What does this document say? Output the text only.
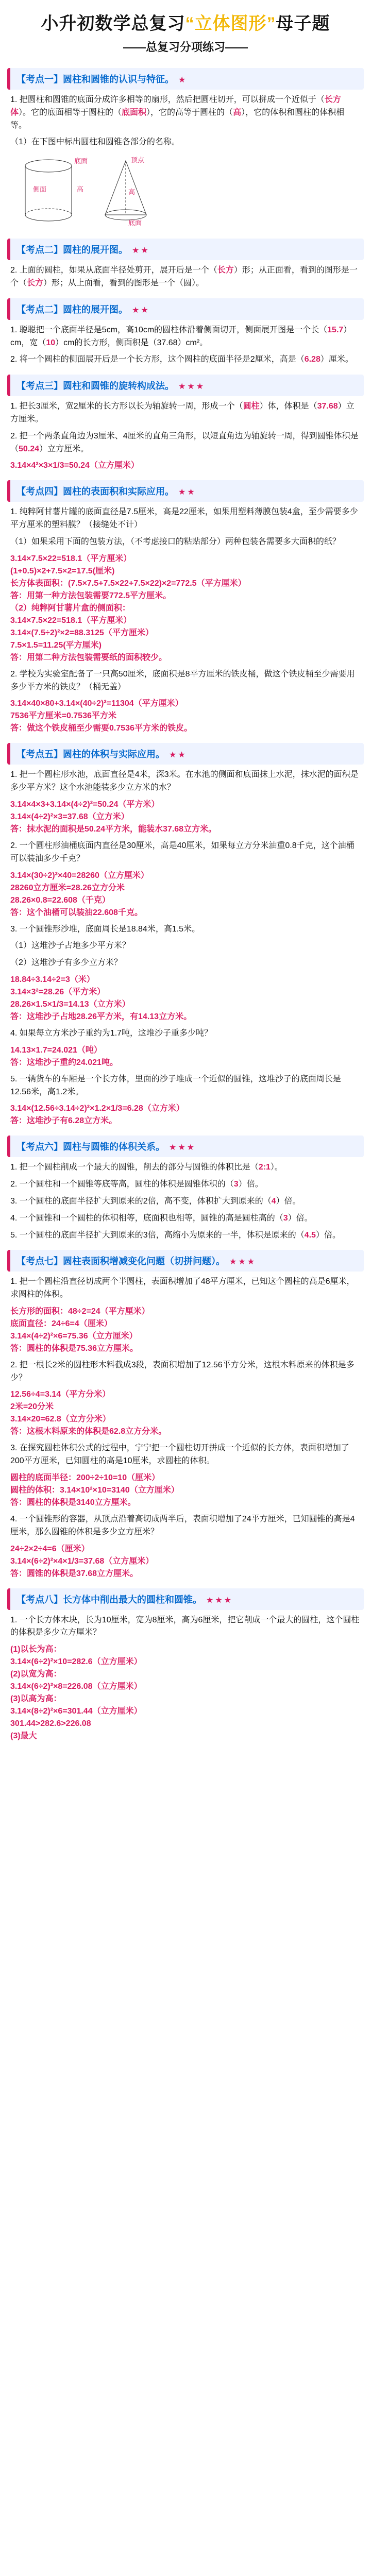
小升初数学总复习“立体图形”母子题
——总复习分项练习——
【考点一】圆柱和圆锥的认识与特征。 ★
1. 把圆柱和圆锥的底面分成许多相等的扇形，然后把圆柱切开，可以拼成一个近似于（长方体）。它的底面相等于圆柱的（底面积），它的高等于圆柱的（高），它的体积和圆柱的体积相等。
（1）在下图中标出圆柱和圆锥各部分的名称。
高
底面
侧面
顶点
高
底面
【考点二】圆柱的展开图。 ★★
2. 上面的圆柱，如果从底面半径处剪开，展开后是一个（长方）形；从正面看，看到的图形是一个（长方）形；从上面看，看到的图形是一个（圆）。
【考点二】圆柱的展开图。 ★★
1. 聪聪把一个底面半径是5cm，高10cm的圆柱体沿着侧面切开，侧面展开图是一个长（15.7）cm，宽（10）cm的长方形，侧面积是（37.68）cm²。
2. 将一个圆柱的侧面展开后是一个长方形，这个圆柱的底面半径是2厘米，高是（6.28）厘米。
【考点三】圆柱和圆锥的旋转构成法。 ★★★
1. 把长3厘米，宽2厘米的长方形以长为轴旋转一周，形成一个（圆柱）体，体积是（37.68）立方厘米。
2. 把一个两条直角边为3厘米、4厘米的直角三角形，以短直角边为轴旋转一周，得到圆锥体积是（50.24）立方厘米。
3.14×4²×3×1/3=50.24（立方厘米）
【考点四】圆柱的表面积和实际应用。 ★★
1. 纯粹阿甘薯片罐的底面直径是7.5厘米，高是22厘米，如果用塑料薄膜包装4盒，至少需要多少平方厘米的塑料膜？（接缝处不计）
（1）如果采用下面的包装方法，（不考虑接口的粘贴部分）两种包装各需要多大面积的纸？
3.14×7.5×22=518.1（平方厘米）
(1+0.5)×2+7.5×2=17.5(厘米)
长方体表面积：(7.5×7.5+7.5×22+7.5×22)×2=772.5（平方厘米）
答：用第一种方法包装需要772.5平方厘米。
（2）纯粹阿甘薯片盒的侧面积：
3.14×7.5×22=518.1（平方厘米）
3.14×(7.5÷2)²×2=88.3125（平方厘米）
7.5×1.5=11.25(平方厘米)
答：用第二种方法包装需要纸的面积较少。
2. 学校为实验室配备了一只高50厘米，底面积是8平方厘米的铁皮桶，做这个铁皮桶至少需要用多少平方米的铁皮？（桶无盖）
3.14×40×80+3.14×(40÷2)²=11304（平方厘米）
7536平方厘米=0.7536平方米
答：做这个铁皮桶至少需要0.7536平方米的铁皮。
【考点五】圆柱的体积与实际应用。 ★★
1. 把一个圆柱形水池，底面直径是4米，深3米。在水池的侧面和底面抹上水泥，抹水泥的面积是多少平方米？这个水池能装多少立方米的水？
3.14×4×3+3.14×(4÷2)²=50.24（平方米）
3.14×(4÷2)²×3=37.68（立方米）
答：抹水泥的面积是50.24平方米，能装水37.68立方米。
2. 一个圆柱形油桶底面内直径是30厘米，高是40厘米，如果每立方分米油重0.8千克，这个油桶可以装油多少千克？
3.14×(30÷2)²×40=28260（立方厘米）
28260立方厘米=28.26立方分米
28.26×0.8=22.608（千克）
答：这个油桶可以装油22.608千克。
3. 一个圆锥形沙堆，底面周长是18.84米，高1.5米。
（1）这堆沙子占地多少平方米？
（2）这堆沙子有多少立方米？
18.84÷3.14÷2=3（米）
3.14×3²=28.26（平方米）
28.26×1.5×1/3=14.13（立方米）
答：这堆沙子占地28.26平方米，有14.13立方米。
4. 如果每立方米沙子重约为1.7吨，这堆沙子重多少吨？
14.13×1.7=24.021（吨）
答：这堆沙子重约24.021吨。
5. 一辆货车的车厢是一个长方体，里面的沙子堆成一个近似的圆锥，这堆沙子的底面周长是12.56米，高1.2米。
3.14×(12.56÷3.14÷2)²×1.2×1/3=6.28（立方米）
答：这堆沙子有6.28立方米。
【考点六】圆柱与圆锥的体积关系。 ★★★
1. 把一个圆柱削成一个最大的圆锥，削去的部分与圆锥的体积比是（2:1）。
2. 一个圆柱和一个圆锥等底等高，圆柱的体积是圆锥体积的（3）倍。
3. 一个圆柱的底面半径扩大到原来的2倍，高不变，体积扩大到原来的（4）倍。
4. 一个圆锥和一个圆柱的体积相等，底面积也相等，圆锥的高是圆柱高的（3）倍。
5. 一个圆柱的底面半径扩大到原来的3倍，高缩小为原来的一半，体积是原来的（4.5）倍。
【考点七】圆柱表面积增减变化问题（切拼问题）。 ★★★
1. 把一个圆柱沿直径切成两个半圆柱，表面积增加了48平方厘米，已知这个圆柱的高是6厘米，求圆柱的体积。
长方形的面积：48÷2=24（平方厘米）
底面直径：24÷6=4（厘米）
3.14×(4÷2)²×6=75.36（立方厘米）
答：圆柱的体积是75.36立方厘米。
2. 把一根长2米的圆柱形木料截成3段，表面积增加了12.56平方分米，这根木料原来的体积是多少？
12.56÷4=3.14（平方分米）
2米=20分米
3.14×20=62.8（立方分米）
答：这根木料原来的体积是62.8立方分米。
3. 在探究圆柱体积公式的过程中，宁宁把一个圆柱切开拼成一个近似的长方体，表面积增加了200平方厘米，已知圆柱的高是10厘米，求圆柱的体积。
圆柱的底面半径：200÷2÷10=10（厘米）
圆柱的体积：3.14×10²×10=3140（立方厘米）
答：圆柱的体积是3140立方厘米。
4. 一个圆锥形的容器，从顶点沿着高切成两半后，表面积增加了24平方厘米，已知圆锥的高是4厘米，那么圆锥的体积是多少立方厘米？
24÷2×2÷4=6（厘米）
3.14×(6÷2)²×4×1/3=37.68（立方厘米）
答：圆锥的体积是37.68立方厘米。
【考点八】长方体中削出最大的圆柱和圆锥。 ★★★
1. 一个长方体木块，长为10厘米，宽为8厘米，高为6厘米，把它削成一个最大的圆柱，这个圆柱的体积是多少立方厘米？
(1)以长为高：
3.14×(6÷2)²×10=282.6（立方厘米）
(2)以宽为高：
3.14×(6÷2)²×8=226.08（立方厘米）
(3)以高为高：
3.14×(8÷2)²×6=301.44（立方厘米）
301.44>282.6>226.08
(3)最大
